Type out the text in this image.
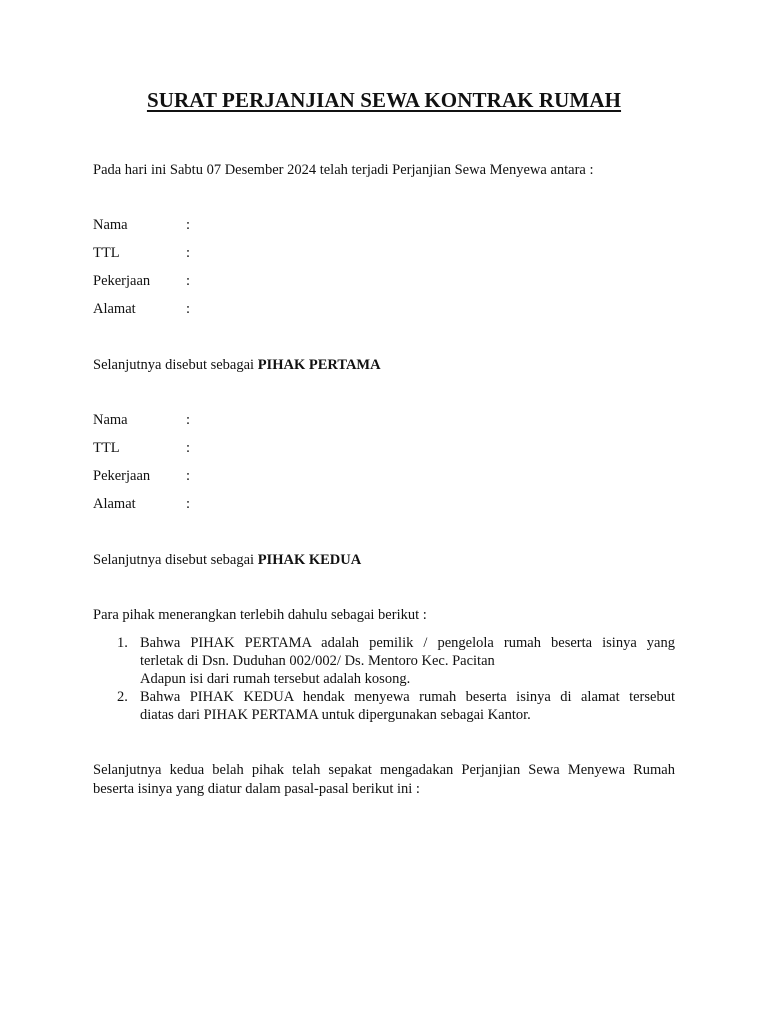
SURAT PERJANJIAN SEWA KONTRAK RUMAH
Pada hari ini Sabtu 07 Desember 2024 telah terjadi Perjanjian Sewa Menyewa antara :
Nama	:
TTL	:
Pekerjaan :
Alamat	:
Selanjutnya disebut sebagai PIHAK PERTAMA
Nama	:
TTL	:
Pekerjaan :
Alamat	:
Selanjutnya disebut sebagai PIHAK KEDUA
Para pihak menerangkan terlebih dahulu sebagai berikut :
1. Bahwa PIHAK PERTAMA adalah pemilik / pengelola rumah beserta isinya yang
terletak di Dsn. Duduhan 002/002/ Ds. Mentoro Kec. Pacitan
Adapun isi dari rumah tersebut adalah kosong.
2. Bahwa PIHAK KEDUA hendak menyewa rumah beserta isinya di alamat tersebut
diatas dari PIHAK PERTAMA untuk dipergunakan sebagai Kantor.
Selanjutnya kedua belah pihak telah sepakat mengadakan Perjanjian Sewa Menyewa Rumah
beserta isinya yang diatur dalam pasal-pasal berikut ini :
